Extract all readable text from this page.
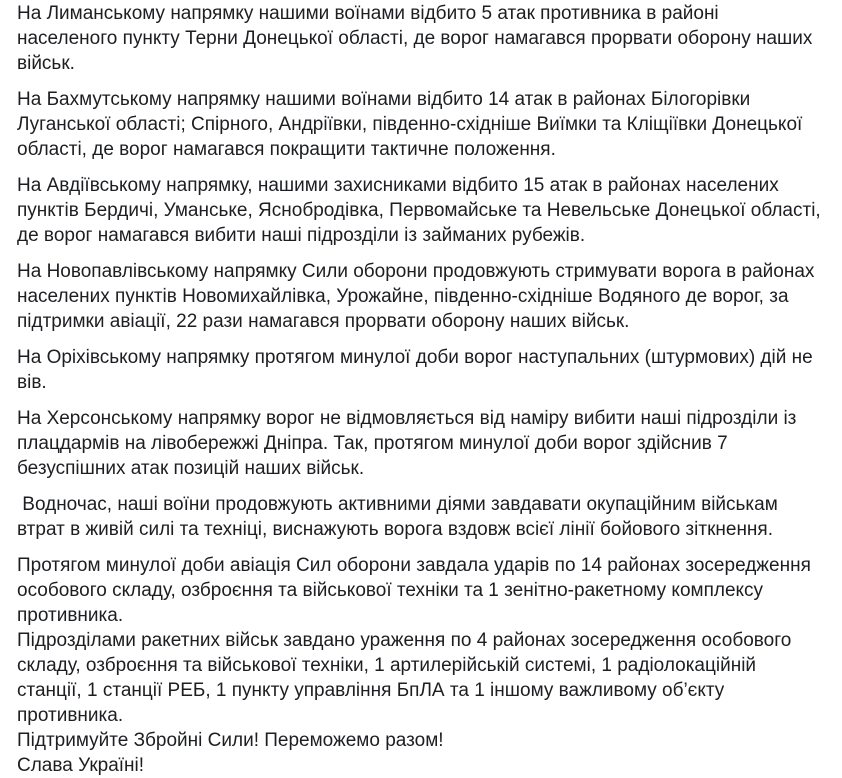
На Лиманському напрямку нашими воїнами відбито 5 атак противника в районі населеного пункту Терни Донецької області, де ворог намагався прорвати оборону наших військ.

На Бахмутському напрямку нашими воїнами відбито 14 атак в районах Білогорівки Луганської області; Спірного, Андріївки, південно-східніше Виїмки та Кліщіївки Донецької області, де ворог намагався покращити тактичне положення.

На Авдіївському напрямку, нашими захисниками відбито 15 атак в районах населених пунктів Бердичі, Уманське, Яснобродівка, Первомайське та Невельське Донецької області, де ворог намагався вибити наші підрозділи із займаних рубежів.

На Новопавлівському напрямку Сили оборони продовжують стримувати ворога в районах населених пунктів Новомихайлівка, Урожайне, південно-східніше Водяного де ворог, за підтримки авіації, 22 рази намагався прорвати оборону наших військ.

На Оріхівському напрямку протягом минулої доби ворог наступальних (штурмових) дій не вів.

На Херсонському напрямку ворог не відмовляється від наміру вибити наші підрозділи із плацдармів на лівобережжі Дніпра. Так, протягом минулої доби ворог здійснив 7 безуспішних атак позицій наших військ.

Водночас, наші воїни продовжують активними діями завдавати окупаційним військам втрат в живій силі та техніці, виснажують ворога вздовж всієї лінії бойового зіткнення.

Протягом минулої доби авіація Сил оборони завдала ударів по 14 районах зосередження особового складу, озброєння та військової техніки та 1 зенітно-ракетному комплексу противника.

Підрозділами ракетних військ завдано ураження по 4 районах зосередження особового складу, озброєння та військової техніки, 1 артилерійській системі, 1 радіолокаційній станції, 1 станції РЕБ, 1 пункту управління БпЛА та 1 іншому важливому об’єкту противника.

Підтримуйте Збройні Сили! Переможемо разом!

Слава Україні!
